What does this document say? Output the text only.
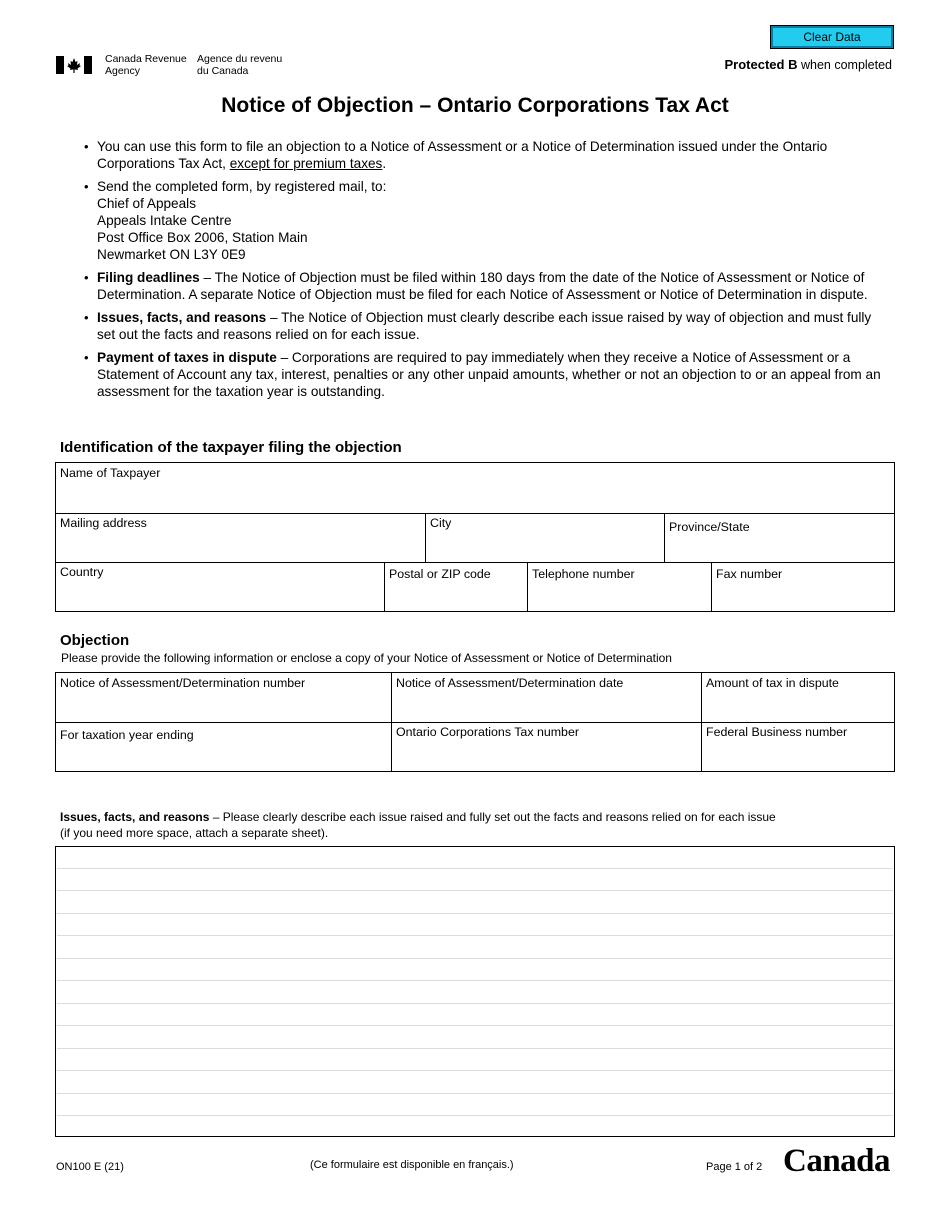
Clear Data
Canada Revenue
Agency
Agence du revenu
du Canada	Protected B when completed
Notice of Objection – Ontario Corporations Tax Act
• You can use this form to file an objection to a Notice of Assessment or a Notice of Determination issued under the Ontario Corporations Tax Act, except for premium taxes.
• Send the completed form, by registered mail, to:
Chief of Appeals
Appeals Intake Centre
Post Office Box 2006, Station Main
Newmarket ON L3Y 0E9
• Filing deadlines – The Notice of Objection must be filed within 180 days from the date of the Notice of Assessment or Notice of Determination. A separate Notice of Objection must be filed for each Notice of Assessment or Notice of Determination in dispute.
• Issues, facts, and reasons – The Notice of Objection must clearly describe each issue raised by way of objection and must fully set out the facts and reasons relied on for each issue.
• Payment of taxes in dispute – Corporations are required to pay immediately when they receive a Notice of Assessment or a Statement of Account any tax, interest, penalties or any other unpaid amounts, whether or not an objection to or an appeal from an assessment for the taxation year is outstanding.
Identification of the taxpayer filing the objection
Name of Taxpayer
Mailing address	City	Province/State
Country	Postal or ZIP code	Telephone number	Fax number
Objection
Please provide the following information or enclose a copy of your Notice of Assessment or Notice of Determination
Notice of Assessment/Determination number	Notice of Assessment/Determination date	Amount of tax in dispute
For taxation year ending	Ontario Corporations Tax number	Federal Business number
Issues, facts, and reasons – Please clearly describe each issue raised and fully set out the facts and reasons relied on for each issue
(if you need more space, attach a separate sheet).
ON100 E (21)	(Ce formulaire est disponible en français.)	Page 1 of 2 Canada
